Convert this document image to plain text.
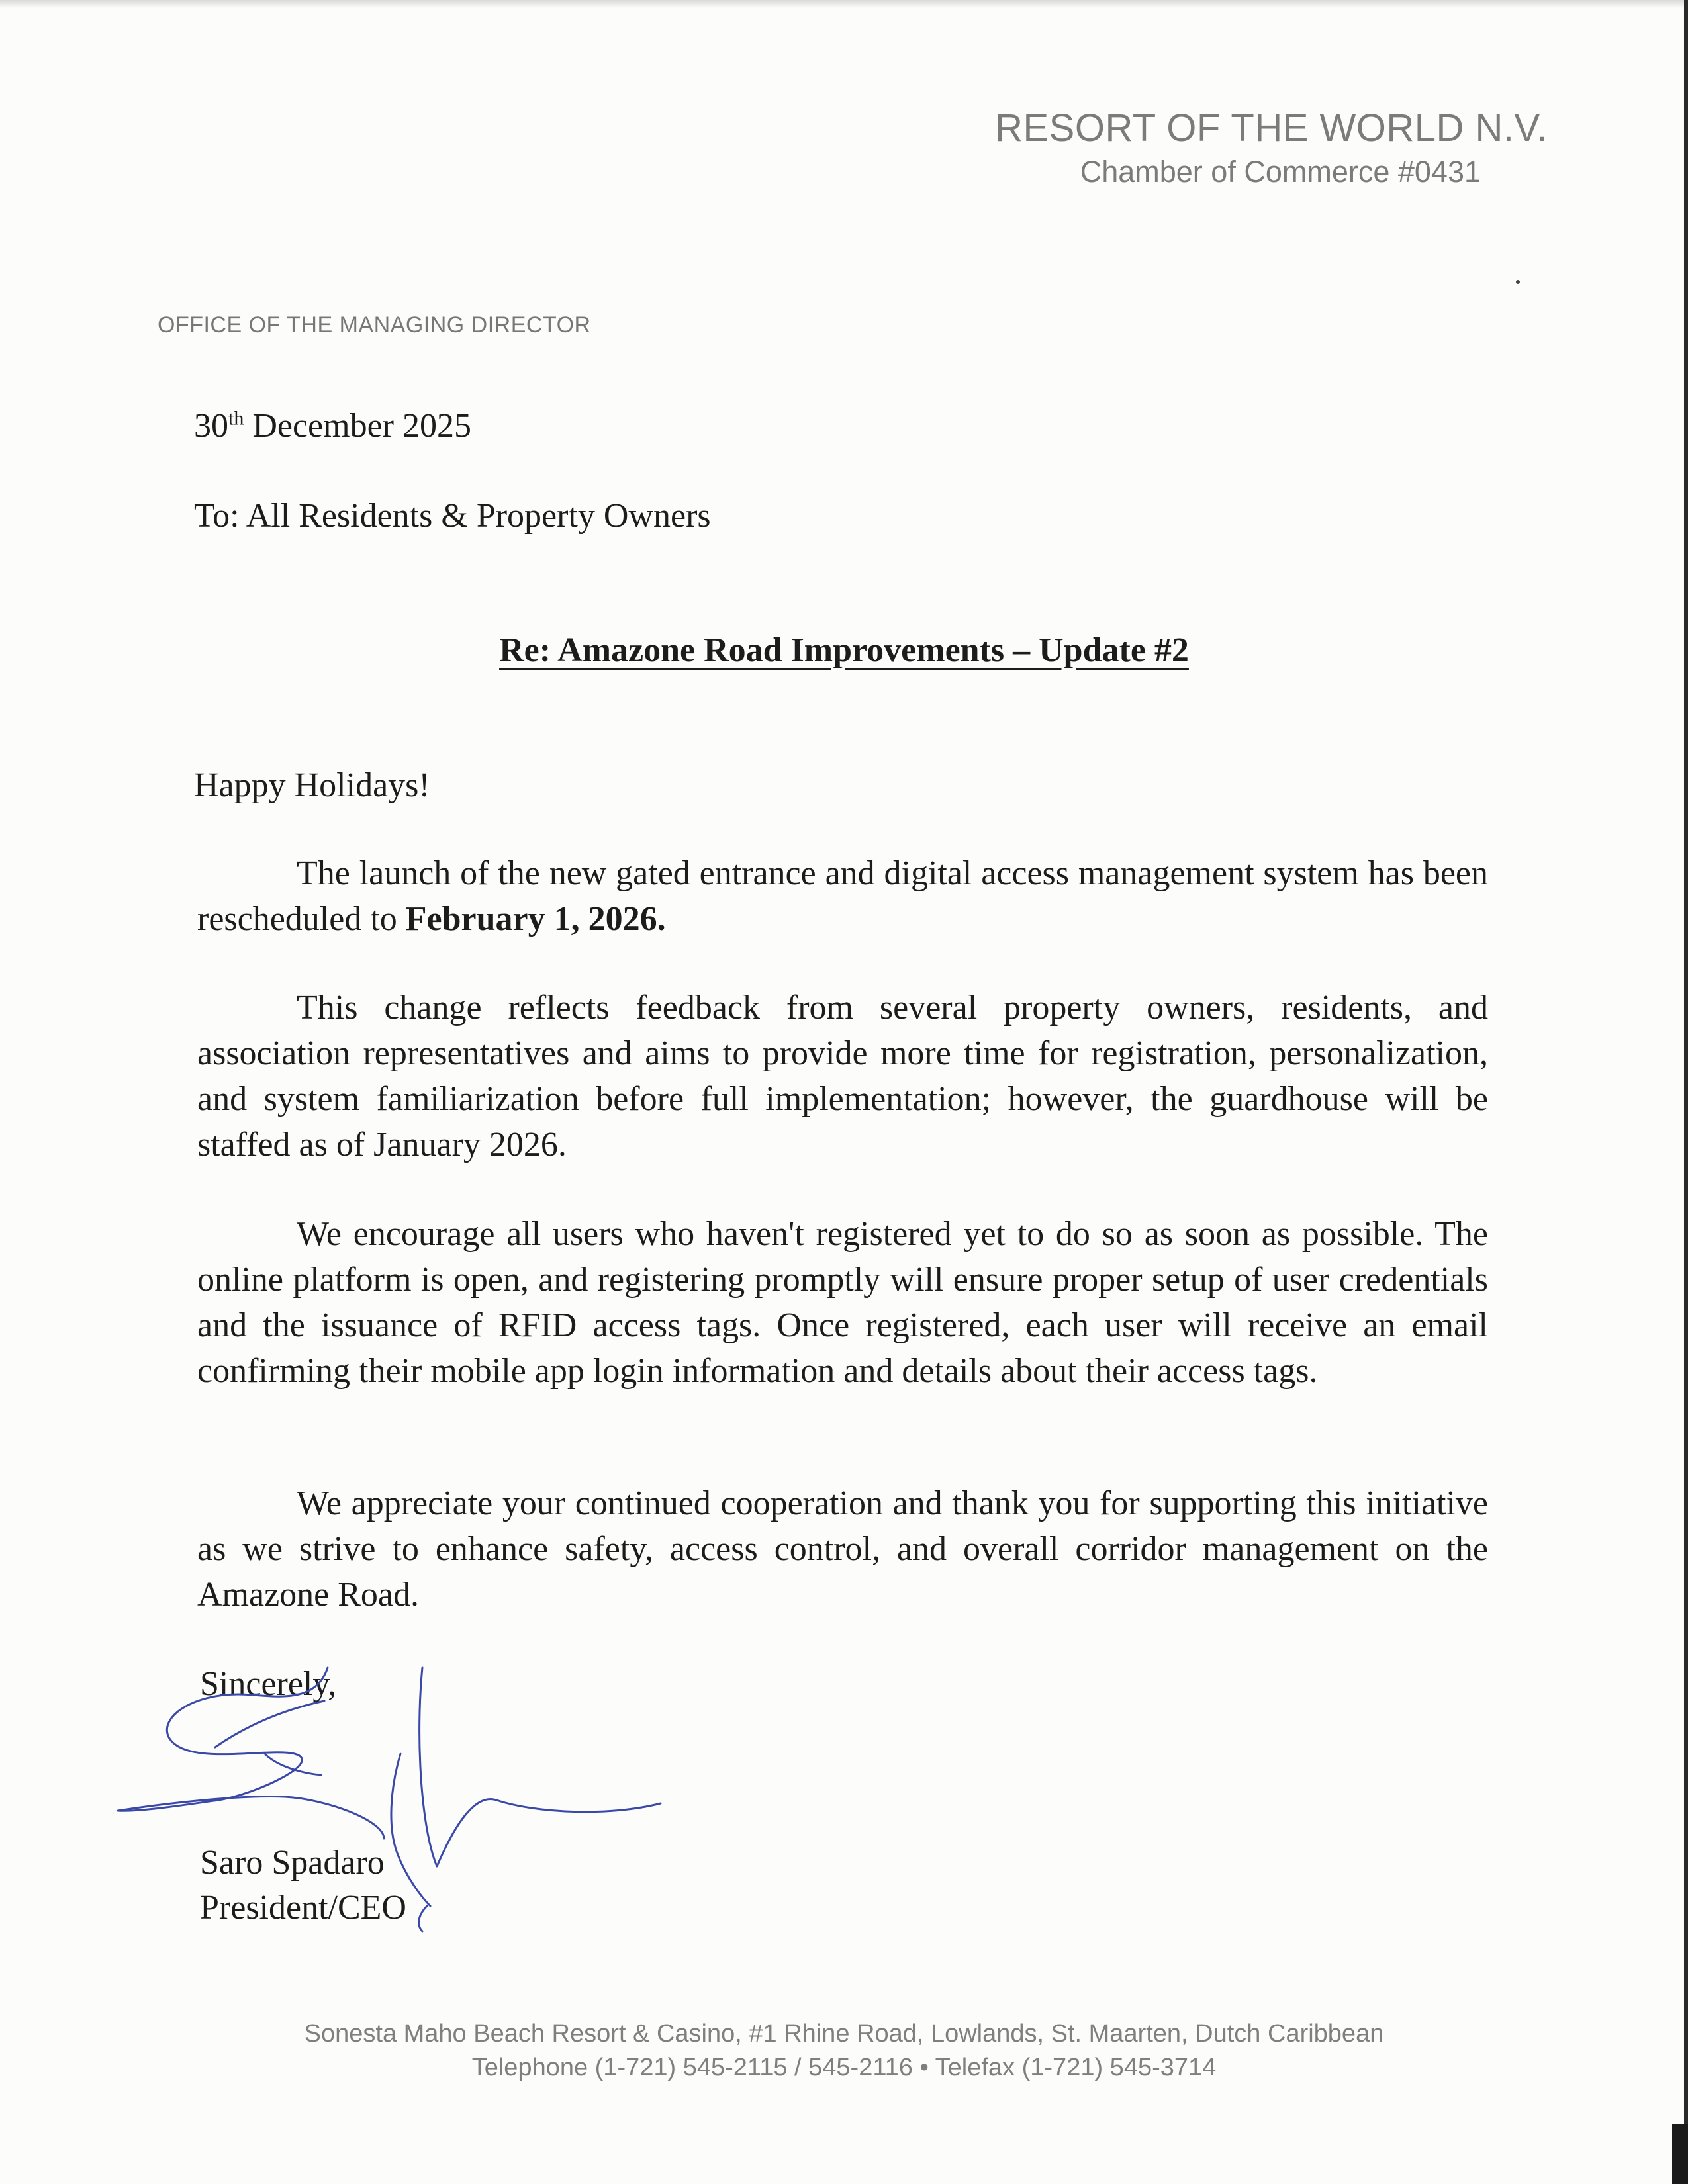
RESORT OF THE WORLD N.V.
Chamber of Commerce #0431
OFFICE OF THE MANAGING DIRECTOR
30th December 2025
To: All Residents & Property Owners
Re: Amazone Road Improvements – Update #2
Happy Holidays!

The launch of the new gated entrance and digital access management system has been rescheduled to February 1, 2026.

This change reflects feedback from several property owners, residents, and association representatives and aims to provide more time for registration, personalization, and system familiarization before full implementation; however, the guardhouse will be staffed as of January 2026.

We encourage all users who haven't registered yet to do so as soon as possible. The online platform is open, and registering promptly will ensure proper setup of user credentials and the issuance of RFID access tags. Once registered, each user will receive an email confirming their mobile app login information and details about their access tags.

We appreciate your continued cooperation and thank you for supporting this initiative as we strive to enhance safety, access control, and overall corridor management on the Amazone Road.

Sincerely,
Saro Spadaro
President/CEO
Sonesta Maho Beach Resort & Casino, #1 Rhine Road, Lowlands, St. Maarten, Dutch Caribbean
Telephone (1-721) 545-2115 / 545-2116 • Telefax (1-721) 545-3714
